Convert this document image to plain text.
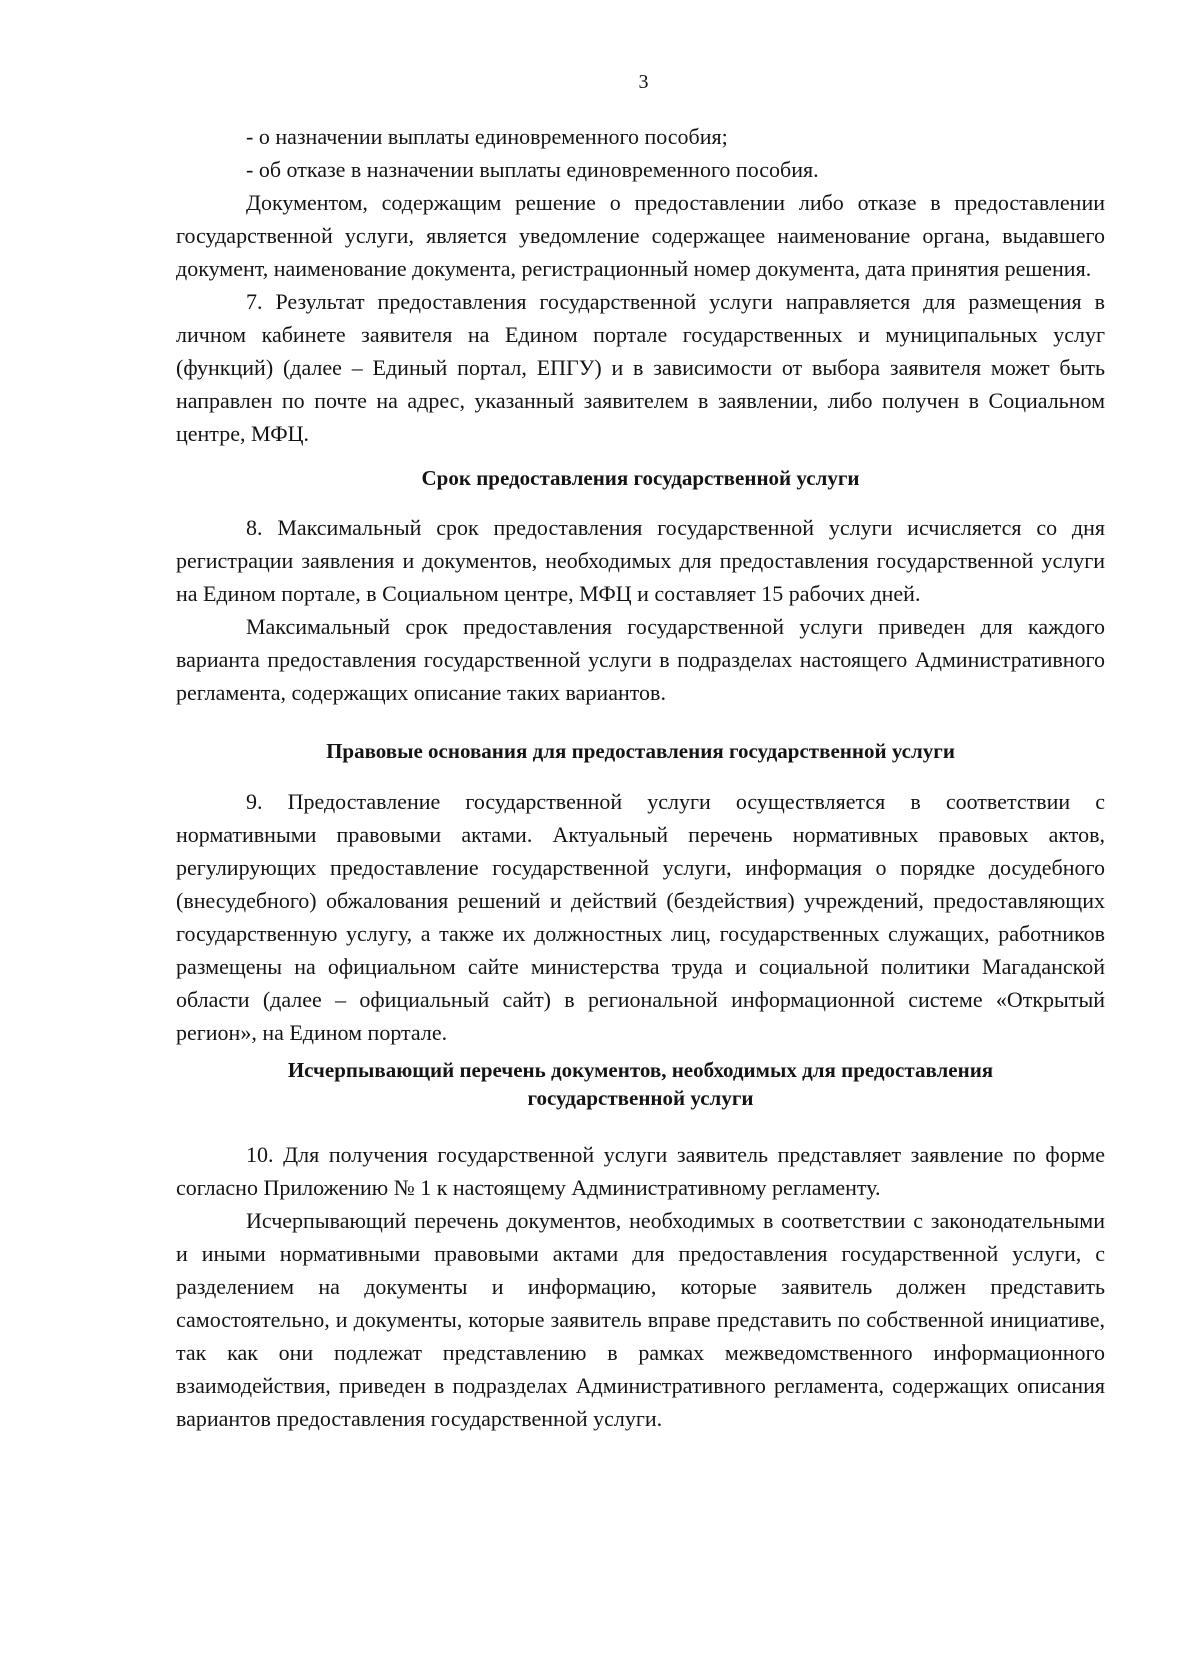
3

- о назначении выплаты единовременного пособия;

- об отказе в назначении выплаты единовременного пособия.

Документом, содержащим решение о предоставлении либо отказе в предоставлении государственной услуги, является уведомление содержащее наименование органа, выдавшего документ, наименование документа, регистрационный номер документа, дата принятия решения.

7. Результат предоставления государственной услуги направляется для размещения в личном кабинете заявителя на Едином портале государственных и муниципальных услуг (функций) (далее – Единый портал, ЕПГУ) и в зависимости от выбора заявителя может быть направлен по почте на адрес, указанный заявителем в заявлении, либо получен в Социальном центре, МФЦ.

Срок предоставления государственной услуги

8. Максимальный срок предоставления государственной услуги исчисляется со дня регистрации заявления и документов, необходимых для предоставления государственной услуги на Едином портале, в Социальном центре, МФЦ и составляет 15 рабочих дней.

Максимальный срок предоставления государственной услуги приведен для каждого варианта предоставления государственной услуги в подразделах настоящего Административного регламента, содержащих описание таких вариантов.

Правовые основания для предоставления государственной услуги

9. Предоставление государственной услуги осуществляется в соответствии с нормативными правовыми актами. Актуальный перечень нормативных правовых актов, регулирующих предоставление государственной услуги, информация о порядке досудебного (внесудебного) обжалования решений и действий (бездействия) учреждений, предоставляющих государственную услугу, а также их должностных лиц, государственных служащих, работников размещены на официальном сайте министерства труда и социальной политики Магаданской области (далее – официальный сайт) в региональной информационной системе «Открытый регион», на Едином портале.

Исчерпывающий перечень документов, необходимых для предоставления
государственной услуги

10. Для получения государственной услуги заявитель представляет заявление по форме согласно Приложению № 1 к настоящему Административному регламенту.

Исчерпывающий перечень документов, необходимых в соответствии с законодательными и иными нормативными правовыми актами для предоставления государственной услуги, с разделением на документы и информацию, которые заявитель должен представить самостоятельно, и документы, которые заявитель вправе представить по собственной инициативе, так как они подлежат представлению в рамках межведомственного информационного взаимодействия, приведен в подразделах Административного регламента, содержащих описания вариантов предоставления государственной услуги.
